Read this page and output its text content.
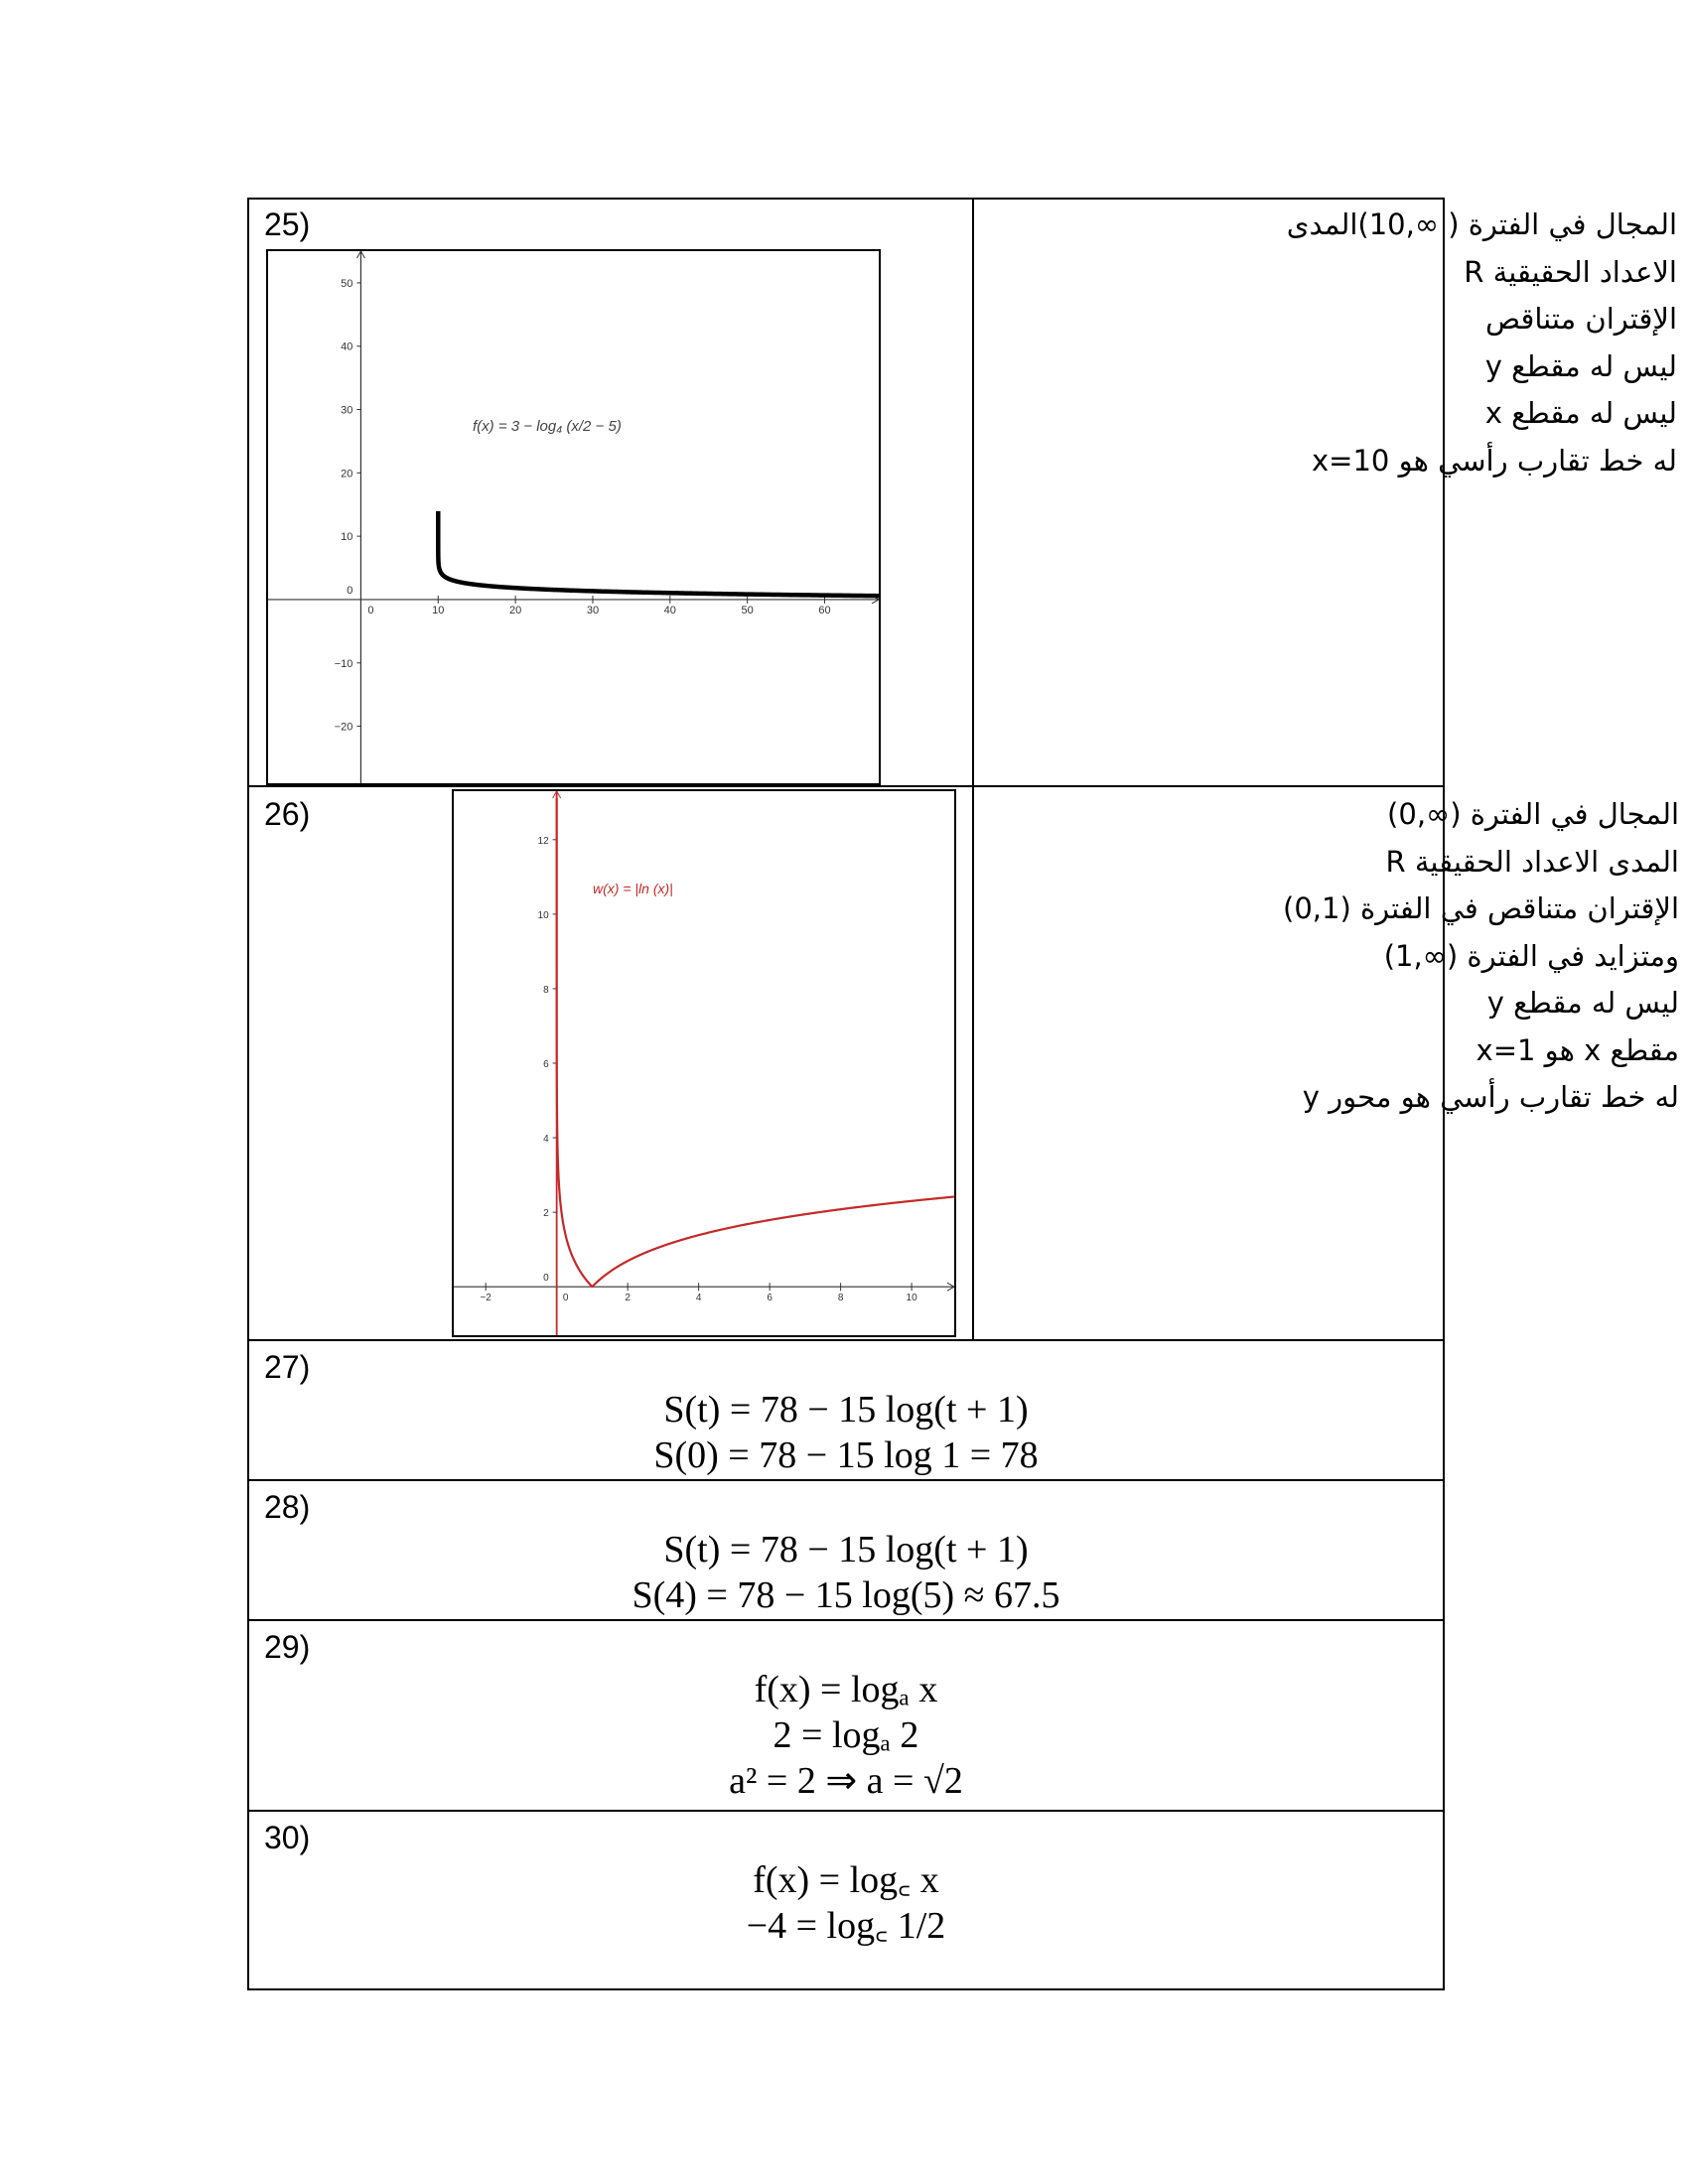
25)
0	10	20	30	40	50	60
50
40
30
20
10
0
−10
−20
f(x) = 3 − log₄ (x/2 − 5)
المجال في الفترة ( ∞,10)المدى
الاعداد الحقيقية R
الإقتران متناقص
ليس له مقطع y
ليس له مقطع x
له خط تقارب رأسي هو x=10
26)
−2	0	2	4	6	8	10
12
10
8
6
4
2
0
w(x) = |ln (x)|
المجال في الفترة (∞,0)
المدى الاعداد الحقيقية R
الإقتران متناقص في الفترة (0,1)
ومتزايد في الفترة (∞,1)
ليس له مقطع y
مقطع x هو x=1
له خط تقارب رأسي هو محور y
27)
S(t) = 78 − 15 log(t + 1)
S(0) = 78 − 15 log 1 = 78
28)
S(t) = 78 − 15 log(t + 1)
S(4) = 78 − 15 log(5) ≈ 67.5
29)
f(x) = logₐ x
2 = logₐ 2
a² = 2 ⇒ a = √2
30)
f(x) = log꜀ x
−4 = log꜀ 1/2
